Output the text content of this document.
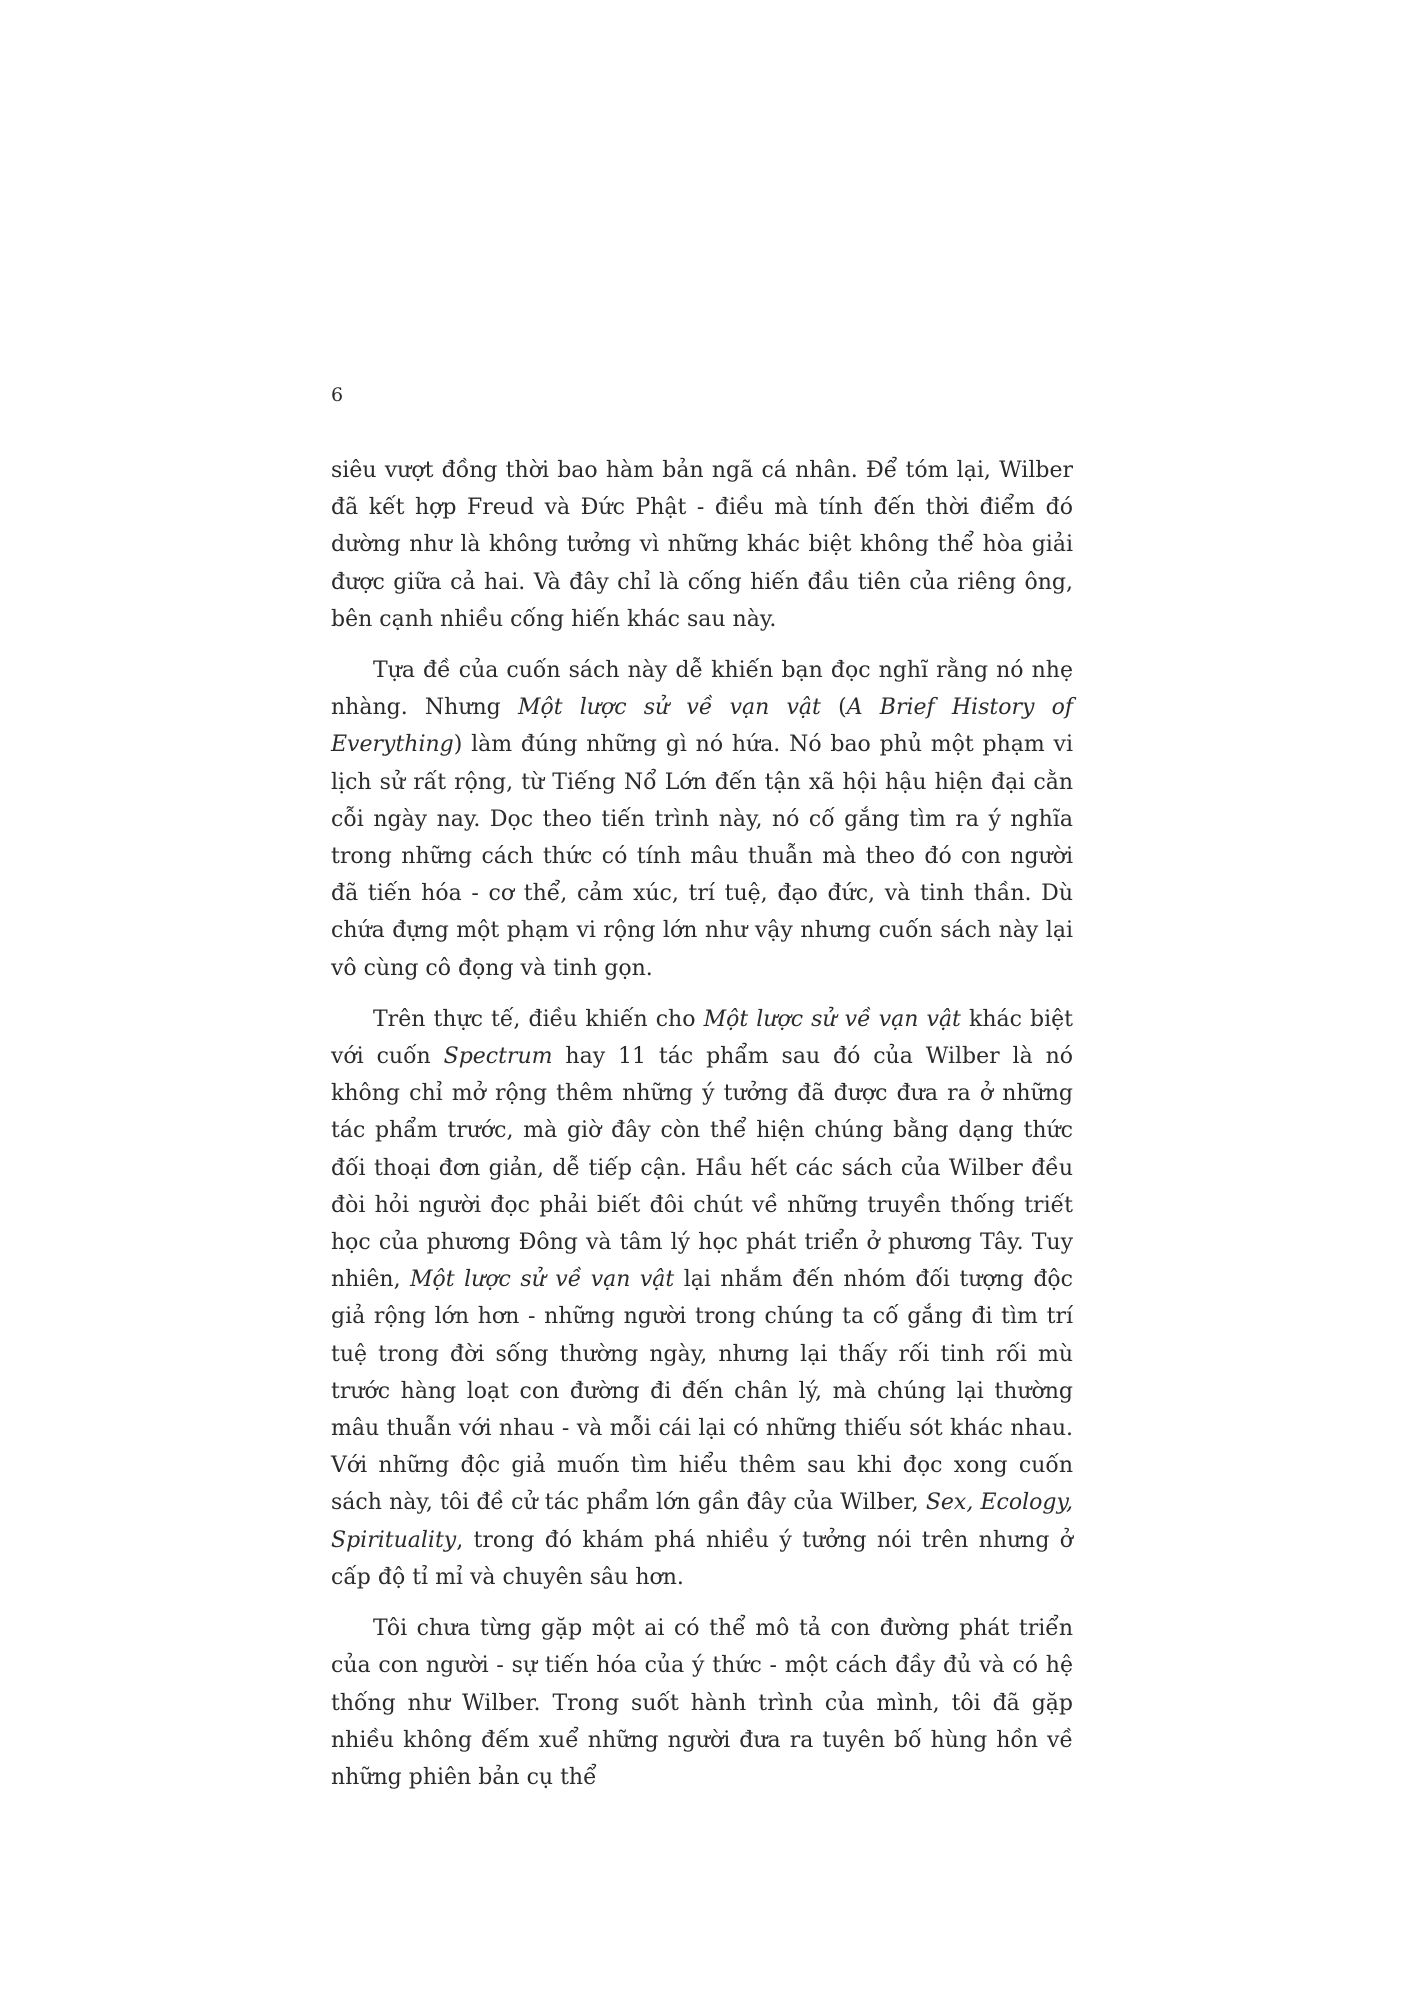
6

siêu vượt đồng thời bao hàm bản ngã cá nhân. Để tóm lại, Wilber đã kết hợp Freud và Đức Phật - điều mà tính đến thời điểm đó dường như là không tưởng vì những khác biệt không thể hòa giải được giữa cả hai. Và đây chỉ là cống hiến đầu tiên của riêng ông, bên cạnh nhiều cống hiến khác sau này.

Tựa đề của cuốn sách này dễ khiến bạn đọc nghĩ rằng nó nhẹ nhàng. Nhưng Một lược sử về vạn vật (A Brief History of Everything) làm đúng những gì nó hứa. Nó bao phủ một phạm vi lịch sử rất rộng, từ Tiếng Nổ Lớn đến tận xã hội hậu hiện đại cằn cỗi ngày nay. Dọc theo tiến trình này, nó cố gắng tìm ra ý nghĩa trong những cách thức có tính mâu thuẫn mà theo đó con người đã tiến hóa - cơ thể, cảm xúc, trí tuệ, đạo đức, và tinh thần. Dù chứa đựng một phạm vi rộng lớn như vậy nhưng cuốn sách này lại vô cùng cô đọng và tinh gọn.

Trên thực tế, điều khiến cho Một lược sử về vạn vật khác biệt với cuốn Spectrum hay 11 tác phẩm sau đó của Wilber là nó không chỉ mở rộng thêm những ý tưởng đã được đưa ra ở những tác phẩm trước, mà giờ đây còn thể hiện chúng bằng dạng thức đối thoại đơn giản, dễ tiếp cận. Hầu hết các sách của Wilber đều đòi hỏi người đọc phải biết đôi chút về những truyền thống triết học của phương Đông và tâm lý học phát triển ở phương Tây. Tuy nhiên, Một lược sử về vạn vật lại nhắm đến nhóm đối tượng độc giả rộng lớn hơn - những người trong chúng ta cố gắng đi tìm trí tuệ trong đời sống thường ngày, nhưng lại thấy rối tinh rối mù trước hàng loạt con đường đi đến chân lý, mà chúng lại thường mâu thuẫn với nhau - và mỗi cái lại có những thiếu sót khác nhau. Với những độc giả muốn tìm hiểu thêm sau khi đọc xong cuốn sách này, tôi đề cử tác phẩm lớn gần đây của Wilber, Sex, Ecology, Spirituality, trong đó khám phá nhiều ý tưởng nói trên nhưng ở cấp độ tỉ mỉ và chuyên sâu hơn.

Tôi chưa từng gặp một ai có thể mô tả con đường phát triển của con người - sự tiến hóa của ý thức - một cách đầy đủ và có hệ thống như Wilber. Trong suốt hành trình của mình, tôi đã gặp nhiều không đếm xuể những người đưa ra tuyên bố hùng hồn về những phiên bản cụ thể
